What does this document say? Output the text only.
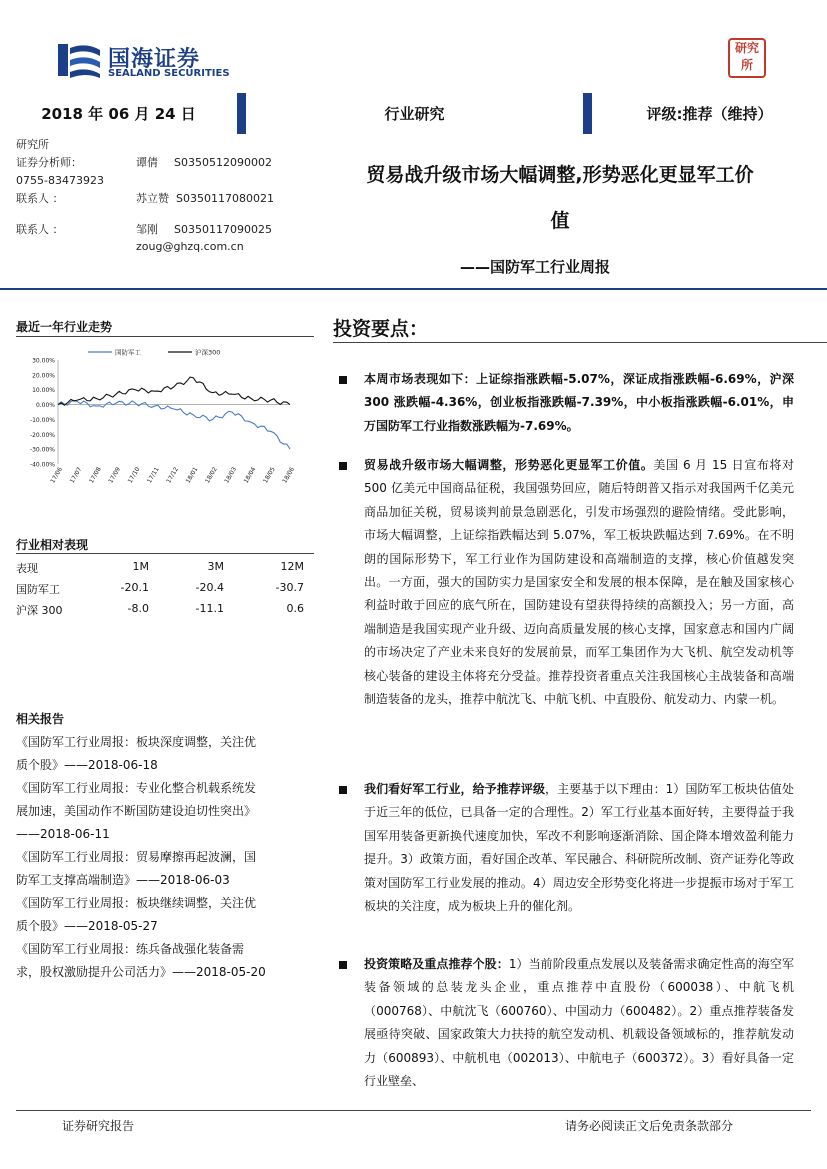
国海证券
SEALAND SECURITIES
研究
所
2018 年 06 月 24 日	行业研究	评级:推荐（维持）
研究所
证券分析师：	谭倩 S0350512090002
0755-83473923
联系人 ：	苏立赞 S0350117080021
联系人 ：	邹刚 S0350117090025
zoug@ghzq.com.cn
贸易战升级市场大幅调整,形势恶化更显军工价
值
——国防军工行业周报
最近一年行业走势
国防军工	沪深300
30.00%
20.00%
10.00%
0.00%
-10.00%
-20.00%
-30.00%
-40.00%
17/06 17/07 17/08 17/09 17/10 17/11 17/12 18/01 18/02 18/03 18/04 18/05 18/06
行业相对表现
表现	1M	3M	12M
国防军工	-20.1	-20.4	-30.7
沪深 300	-8.0	-11.1	0.6
相关报告
《国防军工行业周报：板块深度调整，关注优
质个股》——2018-06-18
《国防军工行业周报：专业化整合机载系统发
展加速，美国动作不断国防建设迫切性突出》
——2018-06-11
《国防军工行业周报：贸易摩擦再起波澜，国
防军工支撑高端制造》——2018-06-03
《国防军工行业周报：板块继续调整，关注优
质个股》——2018-05-27
《国防军工行业周报：练兵备战强化装备需
求，股权激励提升公司活力》——2018-05-20
投资要点：
本周市场表现如下：上证综指涨跌幅-5.07%，深证成指涨跌幅-6.69%，沪深 300 涨跌幅-4.36%，创业板指涨跌幅-7.39%，中小板指涨跌幅-6.01%，申万国防军工行业指数涨跌幅为-7.69%。
贸易战升级市场大幅调整，形势恶化更显军工价值。美国 6 月 15 日宣布将对 500 亿美元中国商品征税，我国强势回应，随后特朗普又指示对我国两千亿美元商品加征关税，贸易谈判前景急剧恶化，引发市场强烈的避险情绪。受此影响，市场大幅调整，上证综指跌幅达到 5.07%，军工板块跌幅达到 7.69%。在不明朗的国际形势下，军工行业作为国防建设和高端制造的支撑，核心价值越发突出。一方面，强大的国防实力是国家安全和发展的根本保障，是在触及国家核心利益时敢于回应的底气所在，国防建设有望获得持续的高额投入；另一方面，高端制造是我国实现产业升级、迈向高质量发展的核心支撑，国家意志和国内广阔的市场决定了产业未来良好的发展前景，而军工集团作为大飞机、航空发动机等核心装备的建设主体将充分受益。推荐投资者重点关注我国核心主战装备和高端制造装备的龙头，推荐中航沈飞、中航飞机、中直股份、航发动力、内蒙一机。
我们看好军工行业，给予推荐评级，主要基于以下理由：1）国防军工板块估值处于近三年的低位，已具备一定的合理性。2）军工行业基本面好转，主要得益于我国军用装备更新换代速度加快，军改不利影响逐渐消除、国企降本增效盈利能力提升。3）政策方面，看好国企改革、军民融合、科研院所改制、资产证券化等政策对国防军工行业发展的推动。4）周边安全形势变化将进一步提振市场对于军工板块的关注度，成为板块上升的催化剂。
投资策略及重点推荐个股：1）当前阶段重点发展以及装备需求确定性高的海空军装备领域的总装龙头企业，重点推荐中直股份（600038）、中航飞机（000768）、中航沈飞（600760）、中国动力（600482）。2）重点推荐装备发展亟待突破、国家政策大力扶持的航空发动机、机载设备领域标的，推荐航发动力（600893）、中航机电（002013）、中航电子（600372）。3）看好具备一定行业壁垒、
证券研究报告	请务必阅读正文后免责条款部分
